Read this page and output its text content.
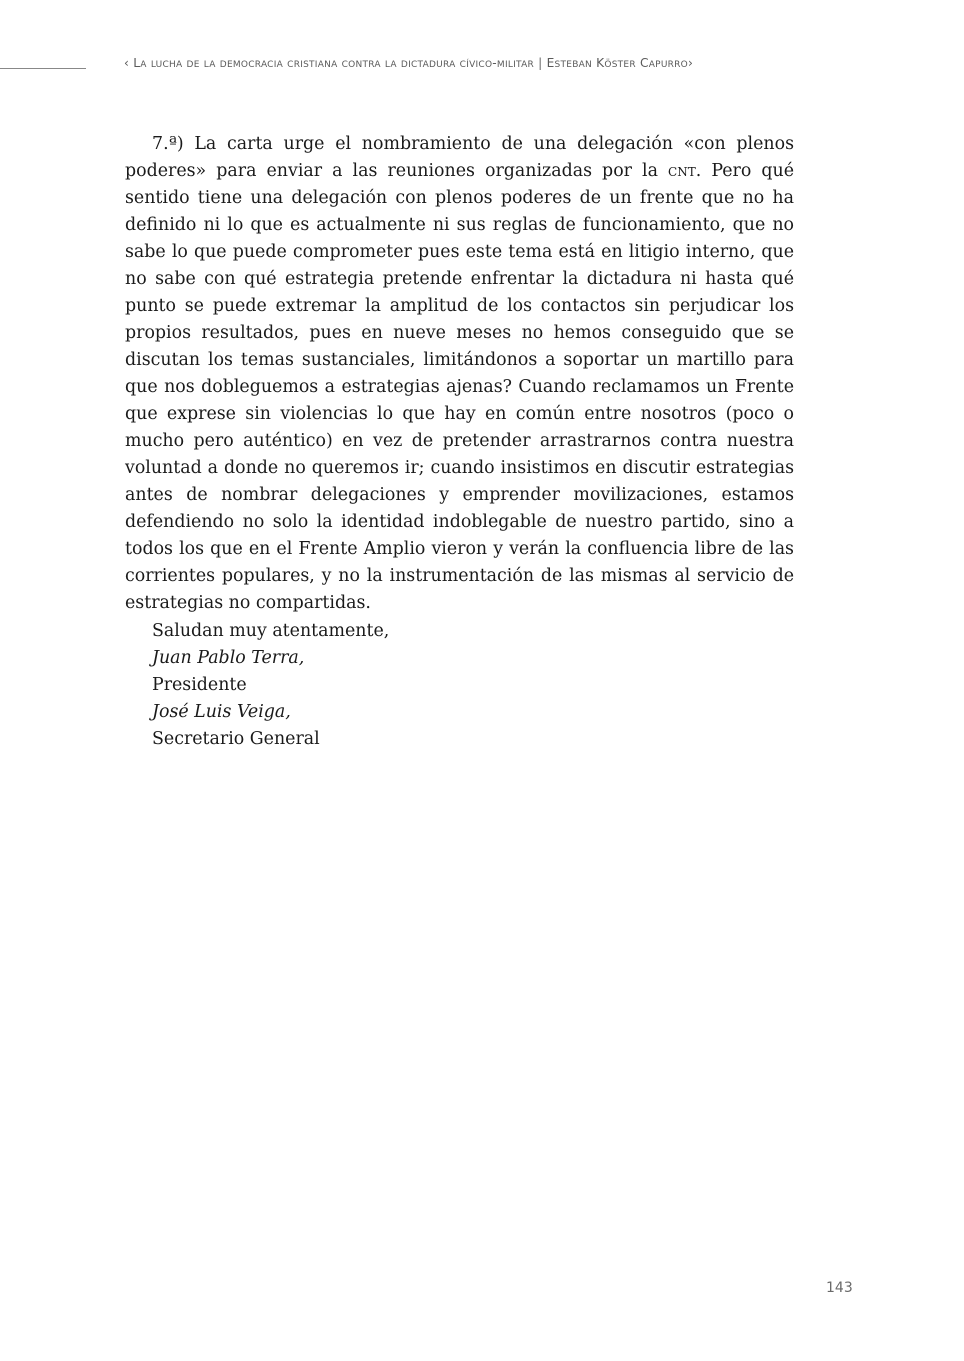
‹ La lucha de la democracia cristiana contra la dictadura cívico-militar | Esteban Köster Capurro›

7.ª) La carta urge el nombramiento de una delegación «con plenos poderes» para enviar a las reuniones organizadas por la cnt. Pero qué sentido tiene una delegación con plenos poderes de un frente que no ha definido ni lo que es actualmente ni sus reglas de funcionamiento, que no sabe lo que puede comprometer pues este tema está en litigio interno, que no sabe con qué estrategia pretende enfrentar la dictadura ni hasta qué punto se puede extremar la amplitud de los contactos sin perjudicar los propios resultados, pues en nueve meses no hemos conseguido que se discutan los temas sustanciales, limitándonos a soportar un martillo para que nos dobleguemos a estrategias ajenas? Cuando reclamamos un Frente que exprese sin violencias lo que hay en común entre nosotros (poco o mucho pero auténtico) en vez de pretender arrastrarnos contra nuestra voluntad a donde no queremos ir; cuando insistimos en discutir estrategias antes de nombrar delegaciones y emprender movilizaciones, estamos defendiendo no solo la identidad indoblegable de nuestro partido, sino a todos los que en el Frente Amplio vieron y verán la confluencia libre de las corrientes populares, y no la instrumentación de las mismas al servicio de estrategias no compartidas.

Saludan muy atentamente,
Juan Pablo Terra,
Presidente
José Luis Veiga,
Secretario General
143
